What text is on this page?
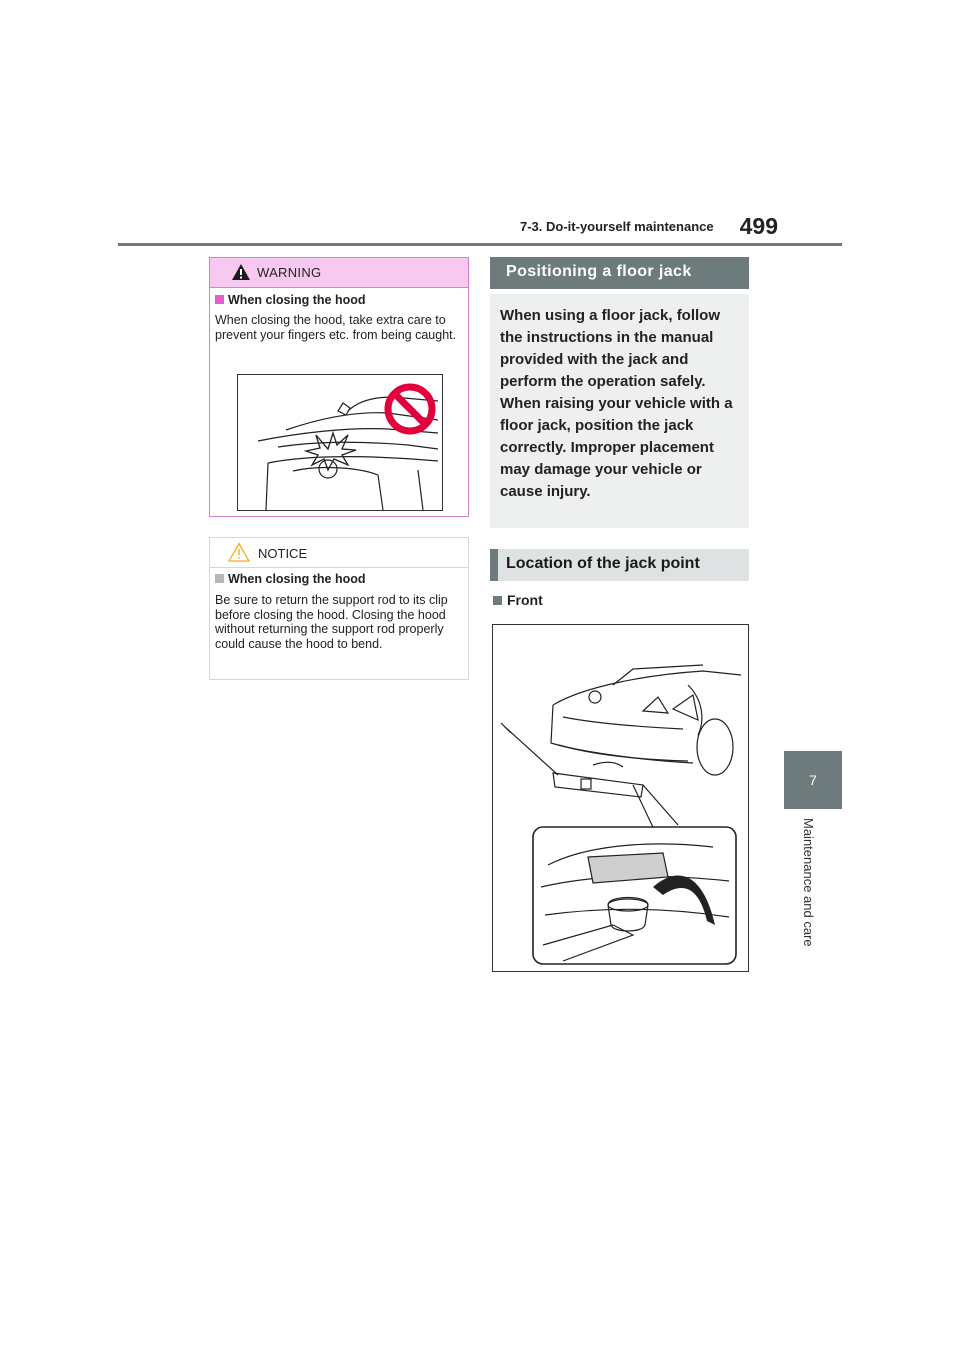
7-3. Do-it-yourself maintenance	499
7
Maintenance and care
WARNING
When closing the hood
When closing the hood, take extra care to prevent your fingers etc. from being caught.
NOTICE
When closing the hood
Be sure to return the support rod to its clip before closing the hood. Closing the hood without returning the support rod properly could cause the hood to bend.
Positioning a floor jack

When using a floor jack, follow the instructions in the manual provided with the jack and perform the operation safely. When raising your vehicle with a floor jack, position the jack correctly. Improper placement may damage your vehicle or cause injury.

Location of the jack point
Front
